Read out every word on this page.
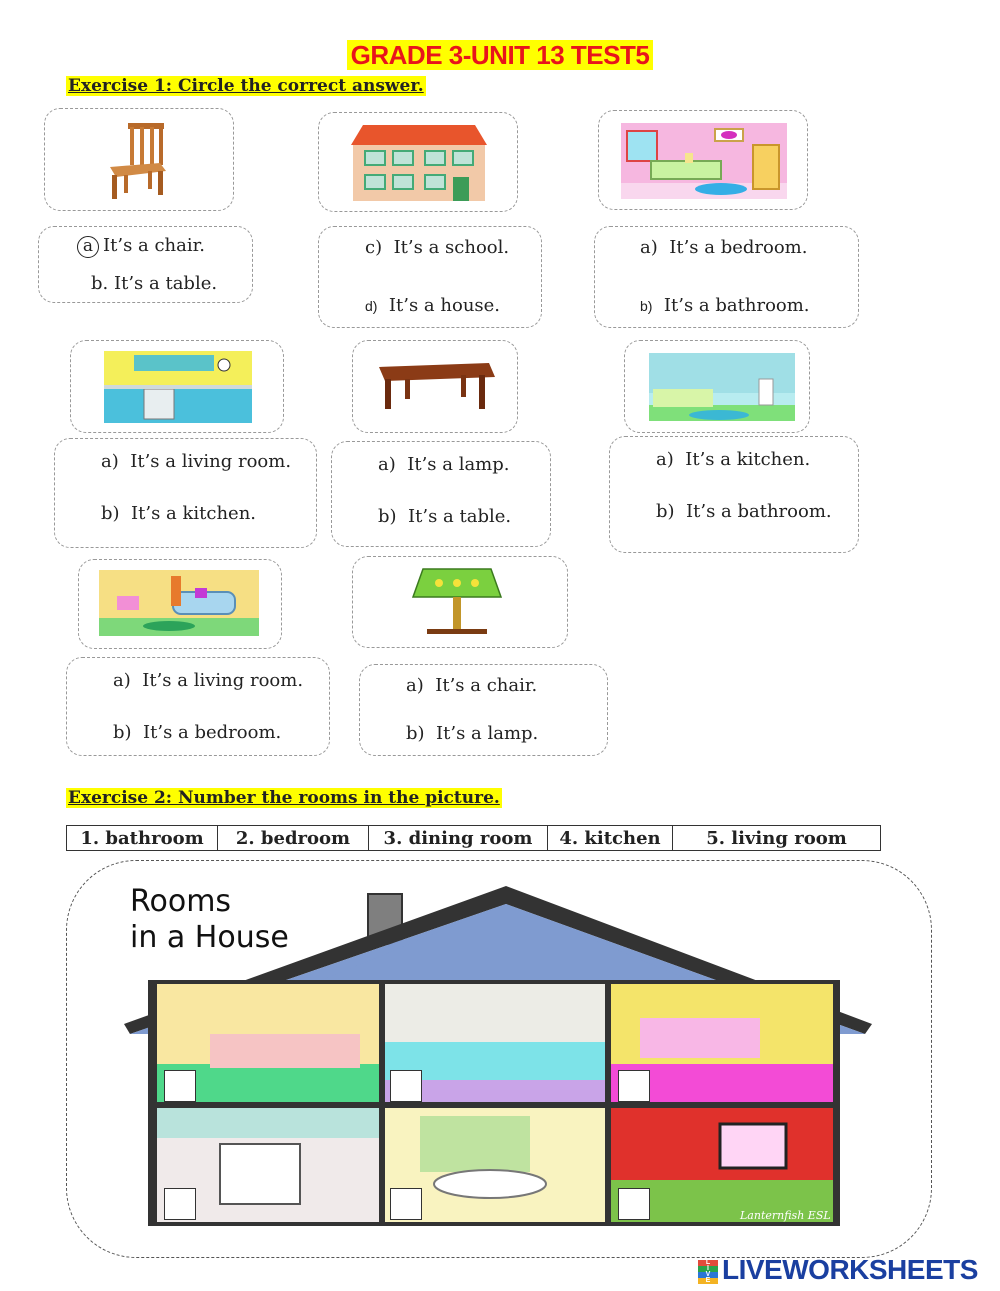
GRADE 3-UNIT 13 TEST5
Exercise 1: Circle the correct answer.
a It’s a chair.
b. It’s a table.
c) It’s a school.
d) It’s a house.
a) It’s a bedroom.
b) It’s a bathroom.
a) It’s a living room.
b) It’s a kitchen.
a) It’s a lamp.
b) It’s a table.
a) It’s a kitchen.
b) It’s a bathroom.
a) It’s a living room.
b) It’s a bedroom.
a) It’s a chair.
b) It’s a lamp.
Exercise 2: Number the rooms in the picture.
1. bathroom	2. bedroom	3. dining room	4. kitchen	5. living room
Rooms
in a House
Lanternfish ESL
L
I
V
E LIVEWORKSHEETS
